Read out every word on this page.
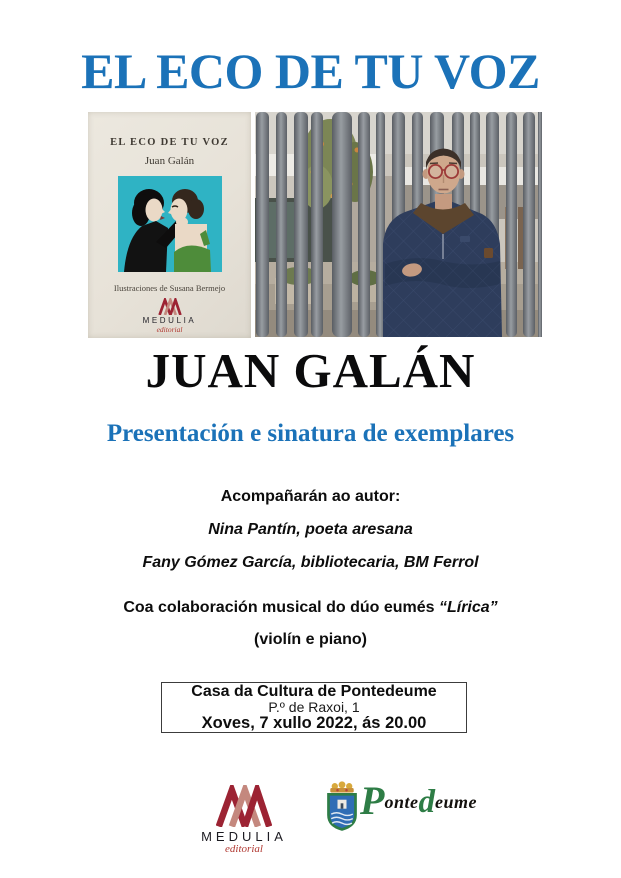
EL ECO DE TU VOZ
EL ECO DE TU VOZ
Juan Galán
Ilustraciones de Susana Bermejo
MEDULIA
editorial
JUAN GALÁN
Presentación e sinatura de exemplares
Acompañarán ao autor:
Nina Pantín, poeta aresana
Fany Gómez García, bibliotecaria, BM Ferrol
Coa colaboración musical do dúo eumés “Lírica”
(violín e piano)
Casa da Cultura de Pontedeume
P.º de Raxoi, 1
Xoves, 7 xullo 2022, ás 20.00
MEDULIA
editorial
Pontedeume
